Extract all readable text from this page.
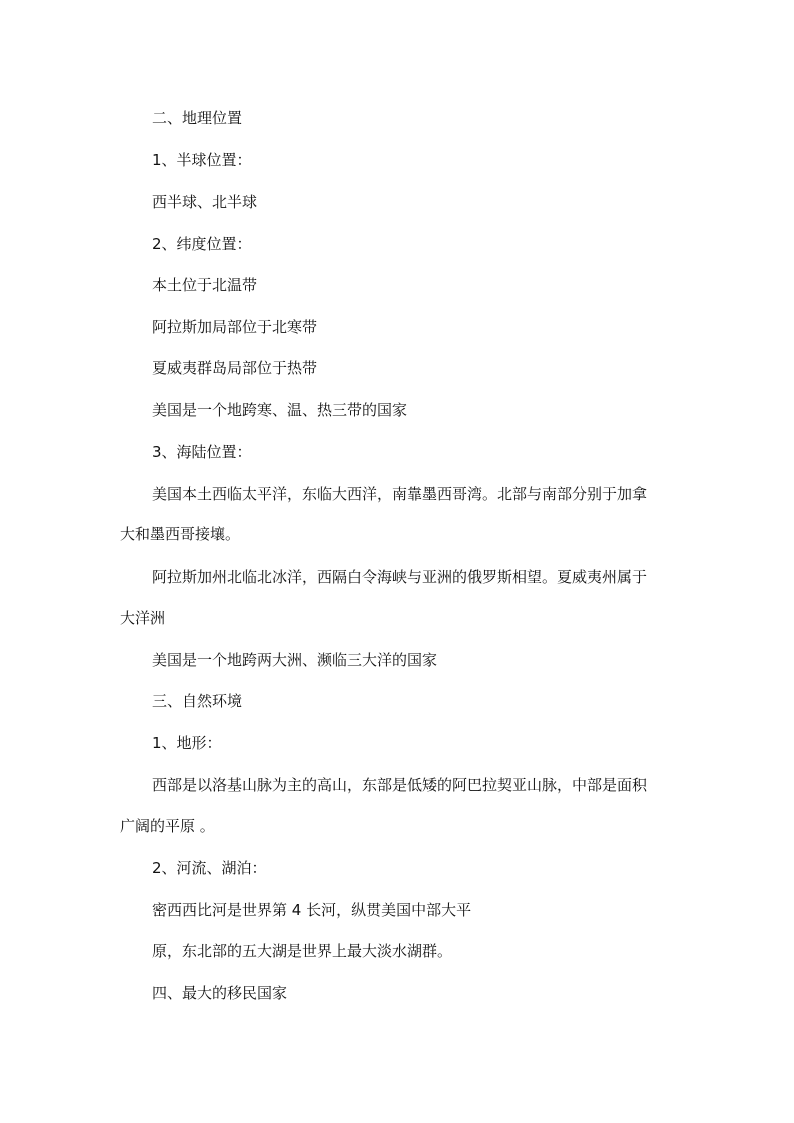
二、地理位置
1、半球位置：
西半球、北半球
2、纬度位置：
本土位于北温带
阿拉斯加局部位于北寒带
夏威夷群岛局部位于热带
美国是一个地跨寒、温、热三带的国家
3、海陆位置：
美国本土西临太平洋，东临大西洋，南靠墨西哥湾。北部与南部分别于加拿
大和墨西哥接壤。
阿拉斯加州北临北冰洋，西隔白令海峡与亚洲的俄罗斯相望。夏威夷州属于
大洋洲
美国是一个地跨两大洲、濒临三大洋的国家
三、自然环境
1、地形：
西部是以洛基山脉为主的高山，东部是低矮的阿巴拉契亚山脉，中部是面积
广阔的平原 。
2、河流、湖泊：
密西西比河是世界第 4 长河，纵贯美国中部大平
原，东北部的五大湖是世界上最大淡水湖群。
四、最大的移民国家
